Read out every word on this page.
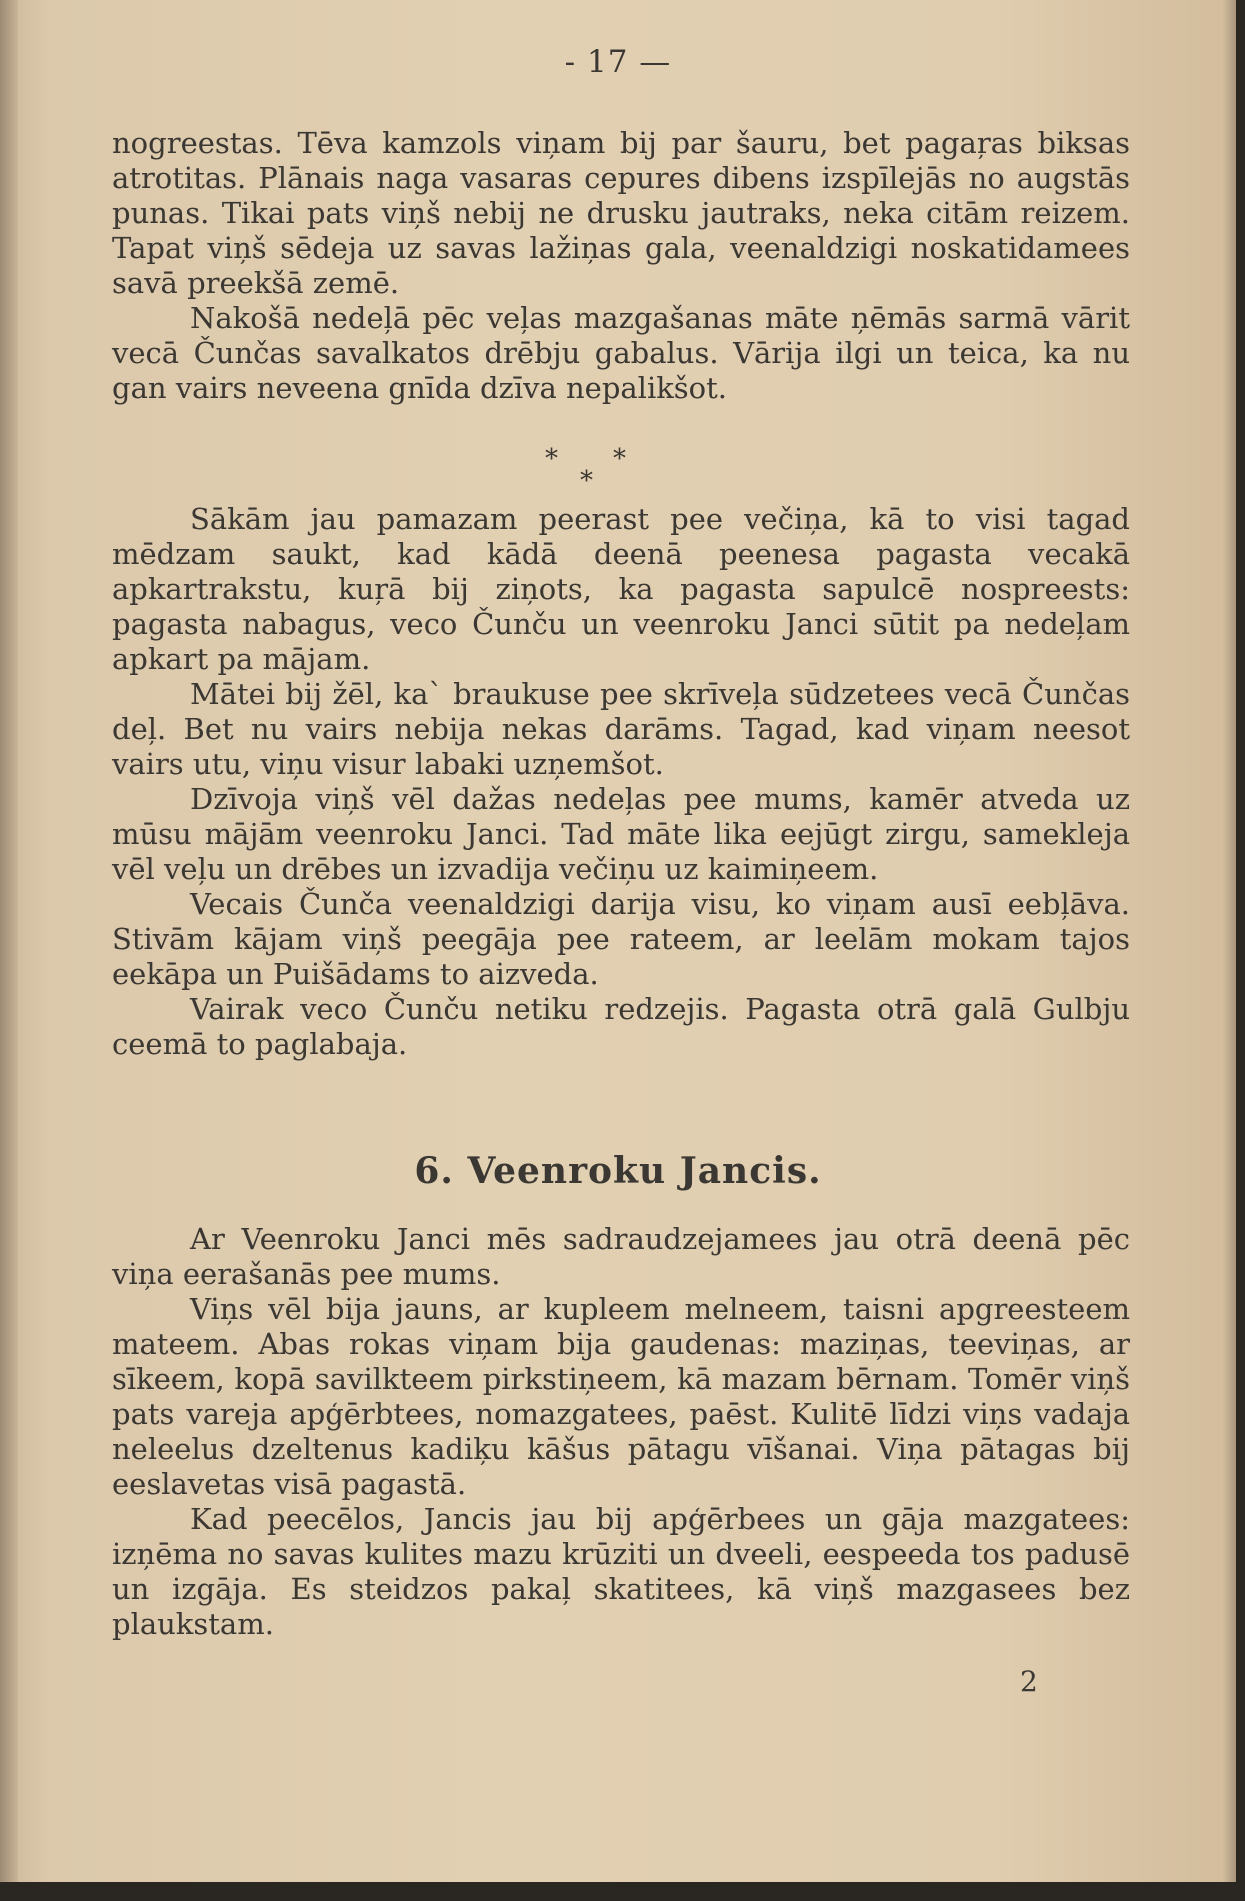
- 17 —

nogreestas. Tēva kamzols viņam bij par šauru, bet pagaŗas biksas atrotitas. Plānais naga vasaras cepures dibens izspīlejās no augstās punas. Tikai pats viņš nebij ne drusku jautraks, neka citām reizem. Tapat viņš sēdeja uz savas lažiņas gala, veenaldzigi noskatidamees savā preekšā zemē.

Nakošā nedeļā pēc veļas mazgašanas māte ņēmās sarmā vārit vecā Čunčas savalkatos drēbju gabalus. Vārija ilgi un teica, ka nu gan vairs neveena gnīda dzīva nepalikšot.

*
*
*

Sākām jau pamazam peerast pee večiņa, kā to visi tagad mēdzam saukt, kad kādā deenā peenesa pagasta vecakā apkartrakstu, kuŗā bij ziņots, ka pagasta sapulcē nospreests: pagasta nabagus, veco Čunču un veenroku Janci sūtit pa nedeļam apkart pa mājam.

Mātei bij žēl, ka` braukuse pee skrīveļa sūdzetees vecā Čunčas deļ. Bet nu vairs nebija nekas darāms. Tagad, kad viņam neesot vairs utu, viņu visur labaki uzņemšot.

Dzīvoja viņš vēl dažas nedeļas pee mums, kamēr atveda uz mūsu mājām veenroku Janci. Tad māte lika eejūgt zirgu, samekleja vēl veļu un drēbes un izvadija večiņu uz kaimiņeem.

Vecais Čunča veenaldzigi darija visu, ko viņam ausī eebļāva. Stivām kājam viņš peegāja pee rateem, ar leelām mokam tajos eekāpa un Puišādams to aizveda.

Vairak veco Čunču netiku redzejis. Pagasta otrā galā Gulbju ceemā to paglabaja.

6. Veenroku Jancis.

Ar Veenroku Janci mēs sadraudzejamees jau otrā deenā pēc viņa eerašanās pee mums.

Viņs vēl bija jauns, ar kupleem melneem, taisni apgreesteem mateem. Abas rokas viņam bija gaudenas: maziņas, teeviņas, ar sīkeem, kopā savilkteem pirkstiņeem, kā mazam bērnam. Tomēr viņš pats vareja apģērbtees, nomazgatees, paēst. Kulitē līdzi viņs vadaja neleelus dzeltenus kadiķu kāšus pātagu vīšanai. Viņa pātagas bij eeslavetas visā pagastā.

Kad peecēlos, Jancis jau bij apģērbees un gāja mazgatees: izņēma no savas kulites mazu krūziti un dveeli, eespeeda tos padusē un izgāja. Es steidzos pakaļ skatitees, kā viņš mazgasees bez plaukstam.

2
